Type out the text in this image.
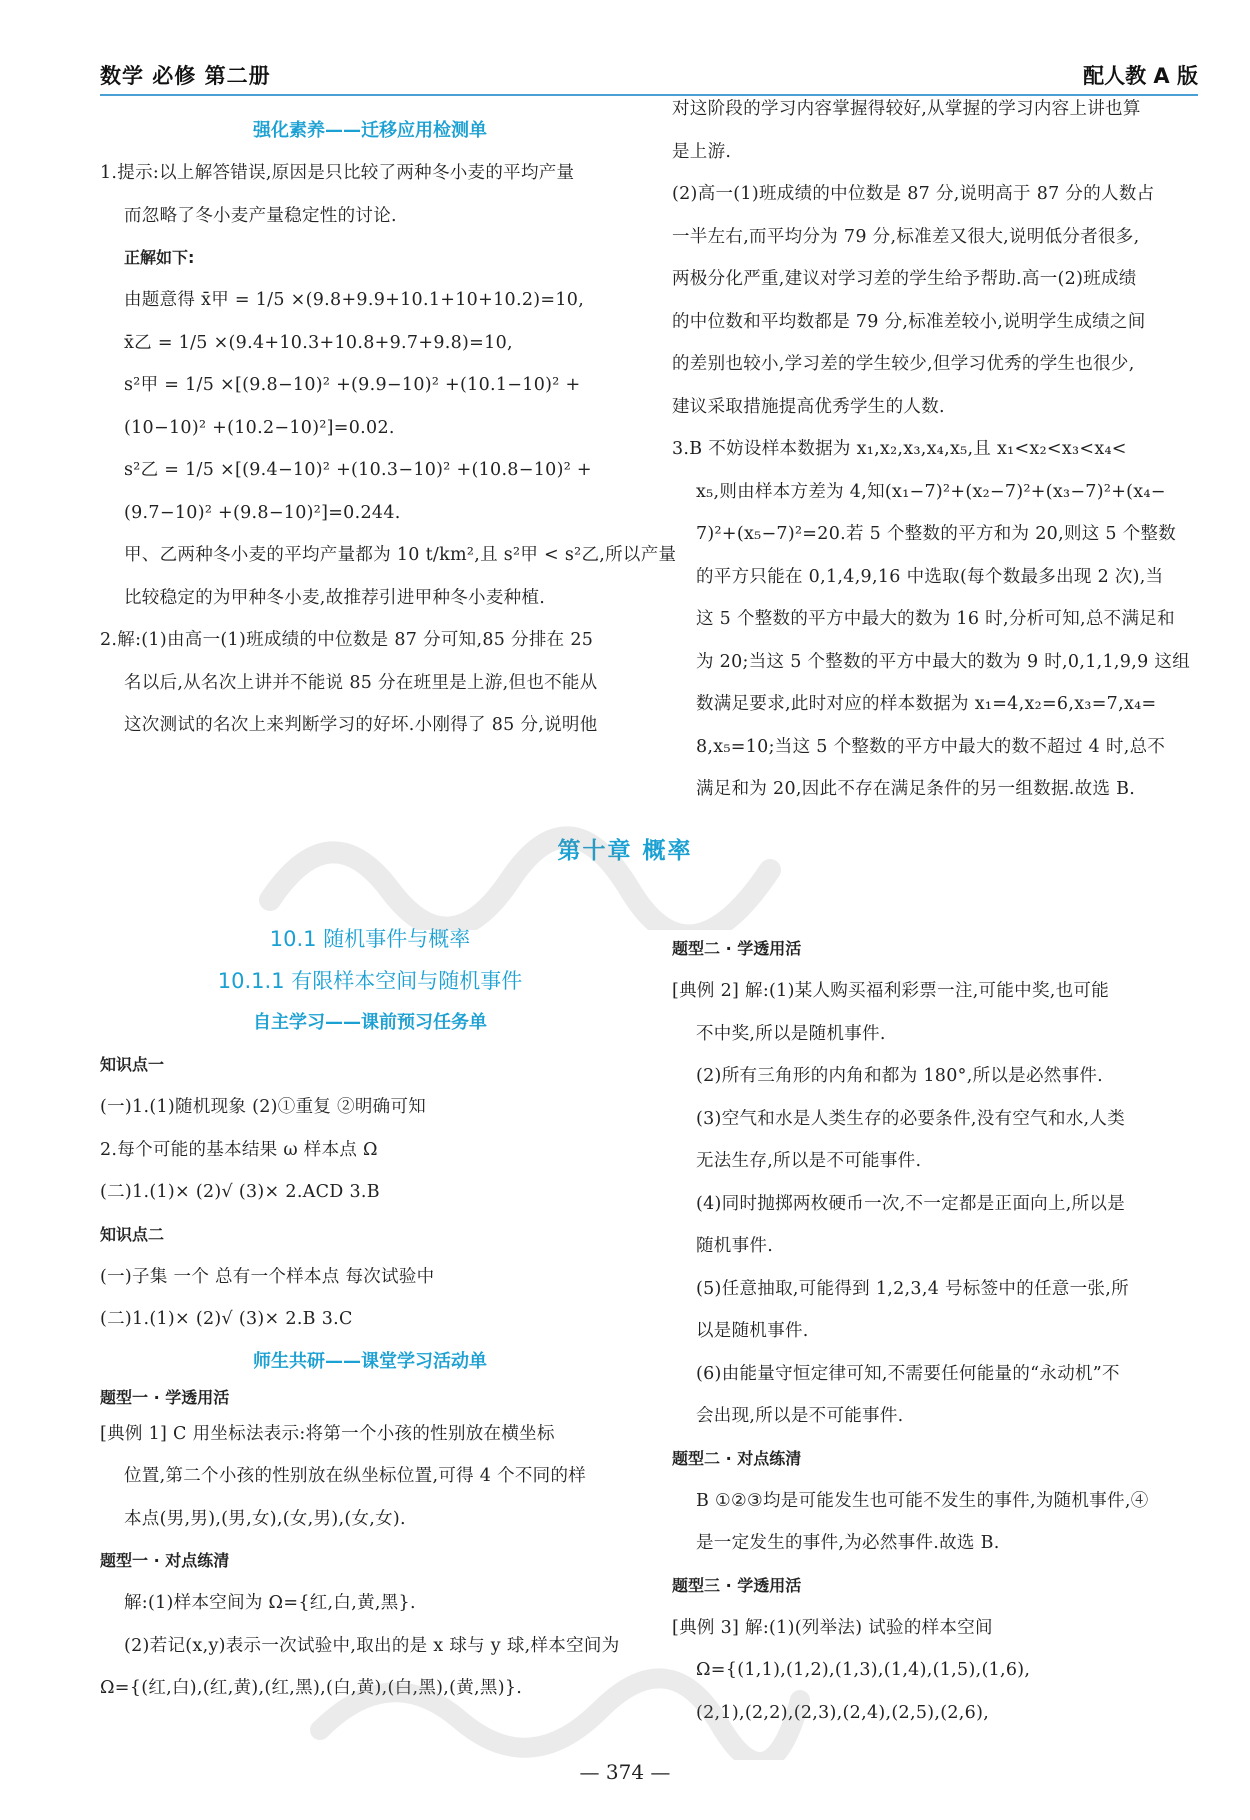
数学 必修 第二册	配人教 A 版

强化素养——迁移应用检测单

1.提示:以上解答错误,原因是只比较了两种冬小麦的平均产量

而忽略了冬小麦产量稳定性的讨论.

正解如下:

由题意得 x̄甲 = 1/5 ×(9.8+9.9+10.1+10+10.2)=10,

x̄乙 = 1/5 ×(9.4+10.3+10.8+9.7+9.8)=10,

s²甲 = 1/5 ×[(9.8−10)² +(9.9−10)² +(10.1−10)² +

(10−10)² +(10.2−10)²]=0.02.

s²乙 = 1/5 ×[(9.4−10)² +(10.3−10)² +(10.8−10)² +

(9.7−10)² +(9.8−10)²]=0.244.

甲、乙两种冬小麦的平均产量都为 10 t/km²,且 s²甲 < s²乙,所以产量

比较稳定的为甲种冬小麦,故推荐引进甲种冬小麦种植.

2.解:(1)由高一(1)班成绩的中位数是 87 分可知,85 分排在 25

名以后,从名次上讲并不能说 85 分在班里是上游,但也不能从

这次测试的名次上来判断学习的好坏.小刚得了 85 分,说明他

对这阶段的学习内容掌握得较好,从掌握的学习内容上讲也算

是上游.

(2)高一(1)班成绩的中位数是 87 分,说明高于 87 分的人数占

一半左右,而平均分为 79 分,标准差又很大,说明低分者很多,

两极分化严重,建议对学习差的学生给予帮助.高一(2)班成绩

的中位数和平均数都是 79 分,标准差较小,说明学生成绩之间

的差别也较小,学习差的学生较少,但学习优秀的学生也很少,

建议采取措施提高优秀学生的人数.

3.B 不妨设样本数据为 x₁,x₂,x₃,x₄,x₅,且 x₁<x₂<x₃<x₄<

x₅,则由样本方差为 4,知(x₁−7)²+(x₂−7)²+(x₃−7)²+(x₄−

7)²+(x₅−7)²=20.若 5 个整数的平方和为 20,则这 5 个整数

的平方只能在 0,1,4,9,16 中选取(每个数最多出现 2 次),当

这 5 个整数的平方中最大的数为 16 时,分析可知,总不满足和

为 20;当这 5 个整数的平方中最大的数为 9 时,0,1,1,9,9 这组

数满足要求,此时对应的样本数据为 x₁=4,x₂=6,x₃=7,x₄=

8,x₅=10;当这 5 个整数的平方中最大的数不超过 4 时,总不

满足和为 20,因此不存在满足条件的另一组数据.故选 B.

第十章 概率

10.1 随机事件与概率

10.1.1 有限样本空间与随机事件

自主学习——课前预习任务单

知识点一

(一)1.(1)随机现象 (2)①重复 ②明确可知

2.每个可能的基本结果 ω 样本点 Ω

(二)1.(1)× (2)√ (3)× 2.ACD 3.B

知识点二

(一)子集 一个 总有一个样本点 每次试验中

(二)1.(1)× (2)√ (3)× 2.B 3.C

师生共研——课堂学习活动单

题型一 · 学透用活

[典例 1] C 用坐标法表示:将第一个小孩的性别放在横坐标

位置,第二个小孩的性别放在纵坐标位置,可得 4 个不同的样

本点(男,男),(男,女),(女,男),(女,女).

题型一 · 对点练清

解:(1)样本空间为 Ω={红,白,黄,黑}.

(2)若记(x,y)表示一次试验中,取出的是 x 球与 y 球,样本空间为

Ω={(红,白),(红,黄),(红,黑),(白,黄),(白,黑),(黄,黑)}.

题型二 · 学透用活

[典例 2] 解:(1)某人购买福利彩票一注,可能中奖,也可能

不中奖,所以是随机事件.

(2)所有三角形的内角和都为 180°,所以是必然事件.

(3)空气和水是人类生存的必要条件,没有空气和水,人类

无法生存,所以是不可能事件.

(4)同时抛掷两枚硬币一次,不一定都是正面向上,所以是

随机事件.

(5)任意抽取,可能得到 1,2,3,4 号标签中的任意一张,所

以是随机事件.

(6)由能量守恒定律可知,不需要任何能量的“永动机”不

会出现,所以是不可能事件.

题型二 · 对点练清

B ①②③均是可能发生也可能不发生的事件,为随机事件,④

是一定发生的事件,为必然事件.故选 B.

题型三 · 学透用活

[典例 3] 解:(1)(列举法) 试验的样本空间

Ω={(1,1),(1,2),(1,3),(1,4),(1,5),(1,6),

(2,1),(2,2),(2,3),(2,4),(2,5),(2,6),

— 374 —
